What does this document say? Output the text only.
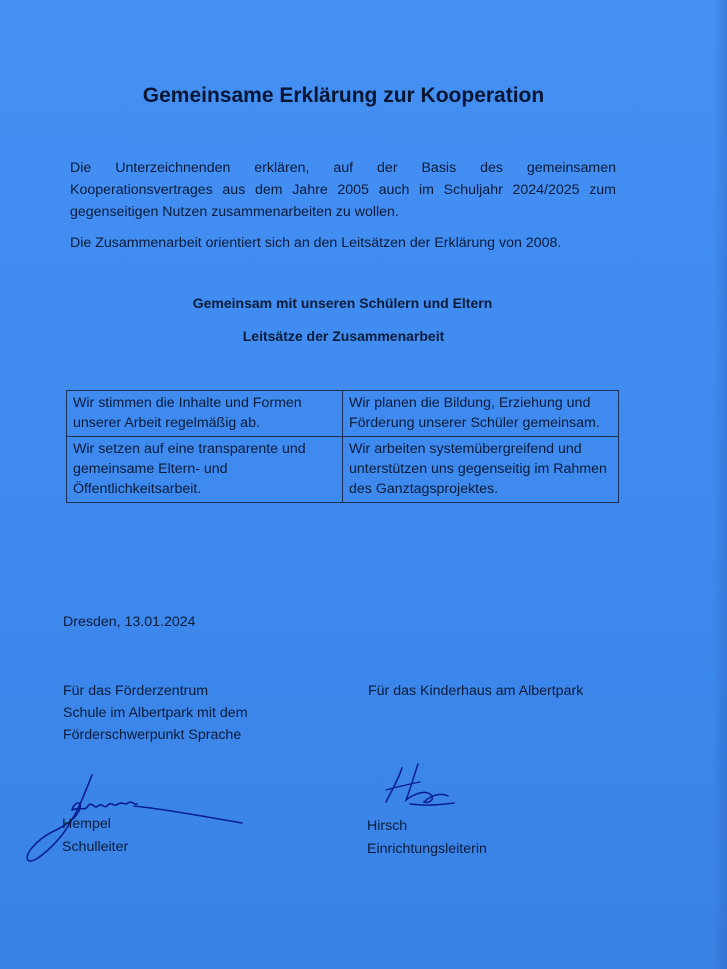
Gemeinsame Erklärung zur Kooperation
Die Unterzeichnenden erklären, auf der Basis des gemeinsamen Kooperationsvertrages aus dem Jahre 2005 auch im Schuljahr 2024/2025 zum gegenseitigen Nutzen zusammenarbeiten zu wollen.
Die Zusammenarbeit orientiert sich an den Leitsätzen der Erklärung von 2008.
Gemeinsam mit unseren Schülern und Eltern
Leitsätze der Zusammenarbeit
Wir stimmen die Inhalte und Formen unserer Arbeit regelmäßig ab.	Wir planen die Bildung, Erziehung und Förderung unserer Schüler gemeinsam.
Wir setzen auf eine transparente und gemeinsame Eltern- und Öffentlichkeitsarbeit.	Wir arbeiten systemübergreifend und unterstützen uns gegenseitig im Rahmen des Ganztagsprojektes.
Dresden, 13.01.2024
Für das Förderzentrum
Schule im Albertpark mit dem
Förderschwerpunkt Sprache
Für das Kinderhaus am Albertpark
Hempel
Schulleiter
Hirsch
Einrichtungsleiterin
